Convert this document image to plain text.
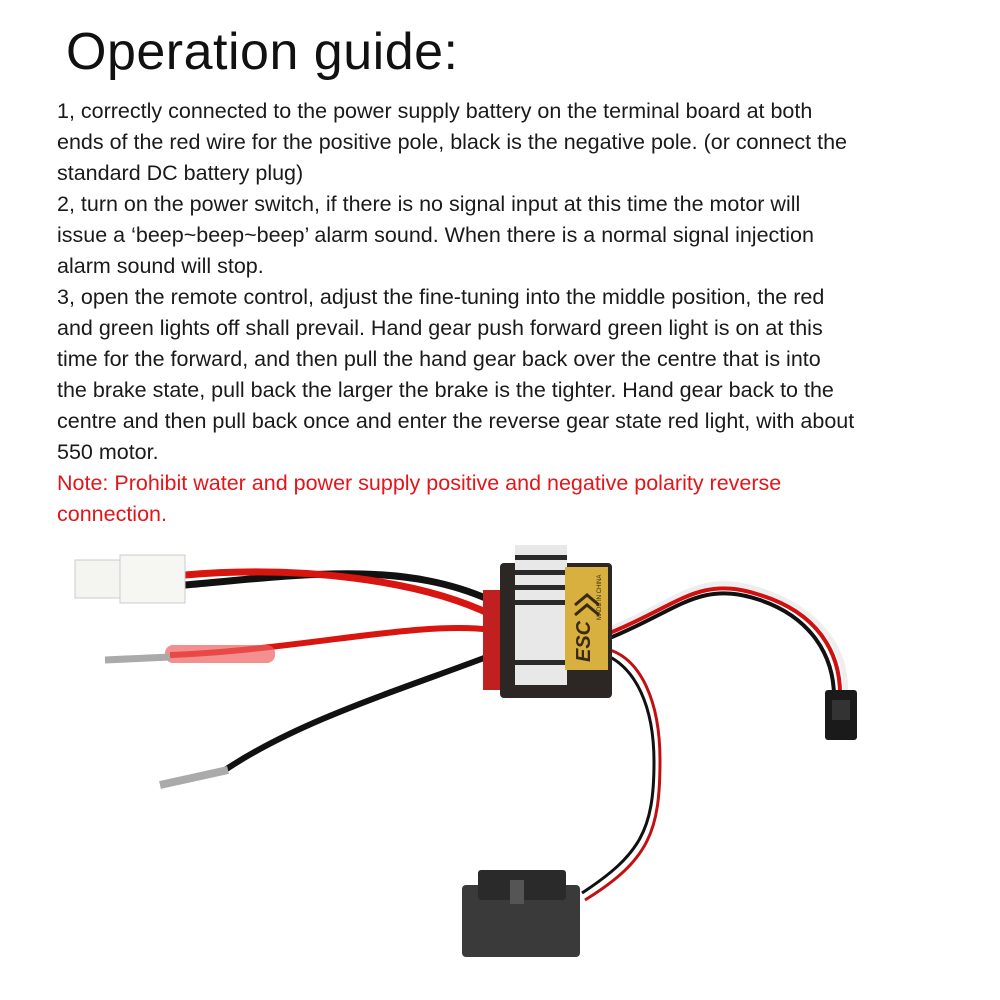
Operation guide:
1, correctly connected to the power supply battery on the terminal board at both
ends of the red wire for the positive pole, black is the negative pole. (or connect the
standard DC battery plug)
2, turn on the power switch, if there is no signal input at this time the motor will
issue a ‘beep~beep~beep’ alarm sound. When there is a normal signal injection
alarm sound will stop.
3, open the remote control, adjust the fine-tuning into the middle position, the red
and green lights off shall prevail. Hand gear push forward green light is on at this
time for the forward, and then pull the hand gear back over the centre that is into
the brake state, pull back the larger the brake is the tighter. Hand gear back to the
centre and then pull back once and enter the reverse gear state red light, with about
550 motor.
Note: Prohibit water and power supply positive and negative polarity reverse
connection.
ESC
MADE IN CHINA
